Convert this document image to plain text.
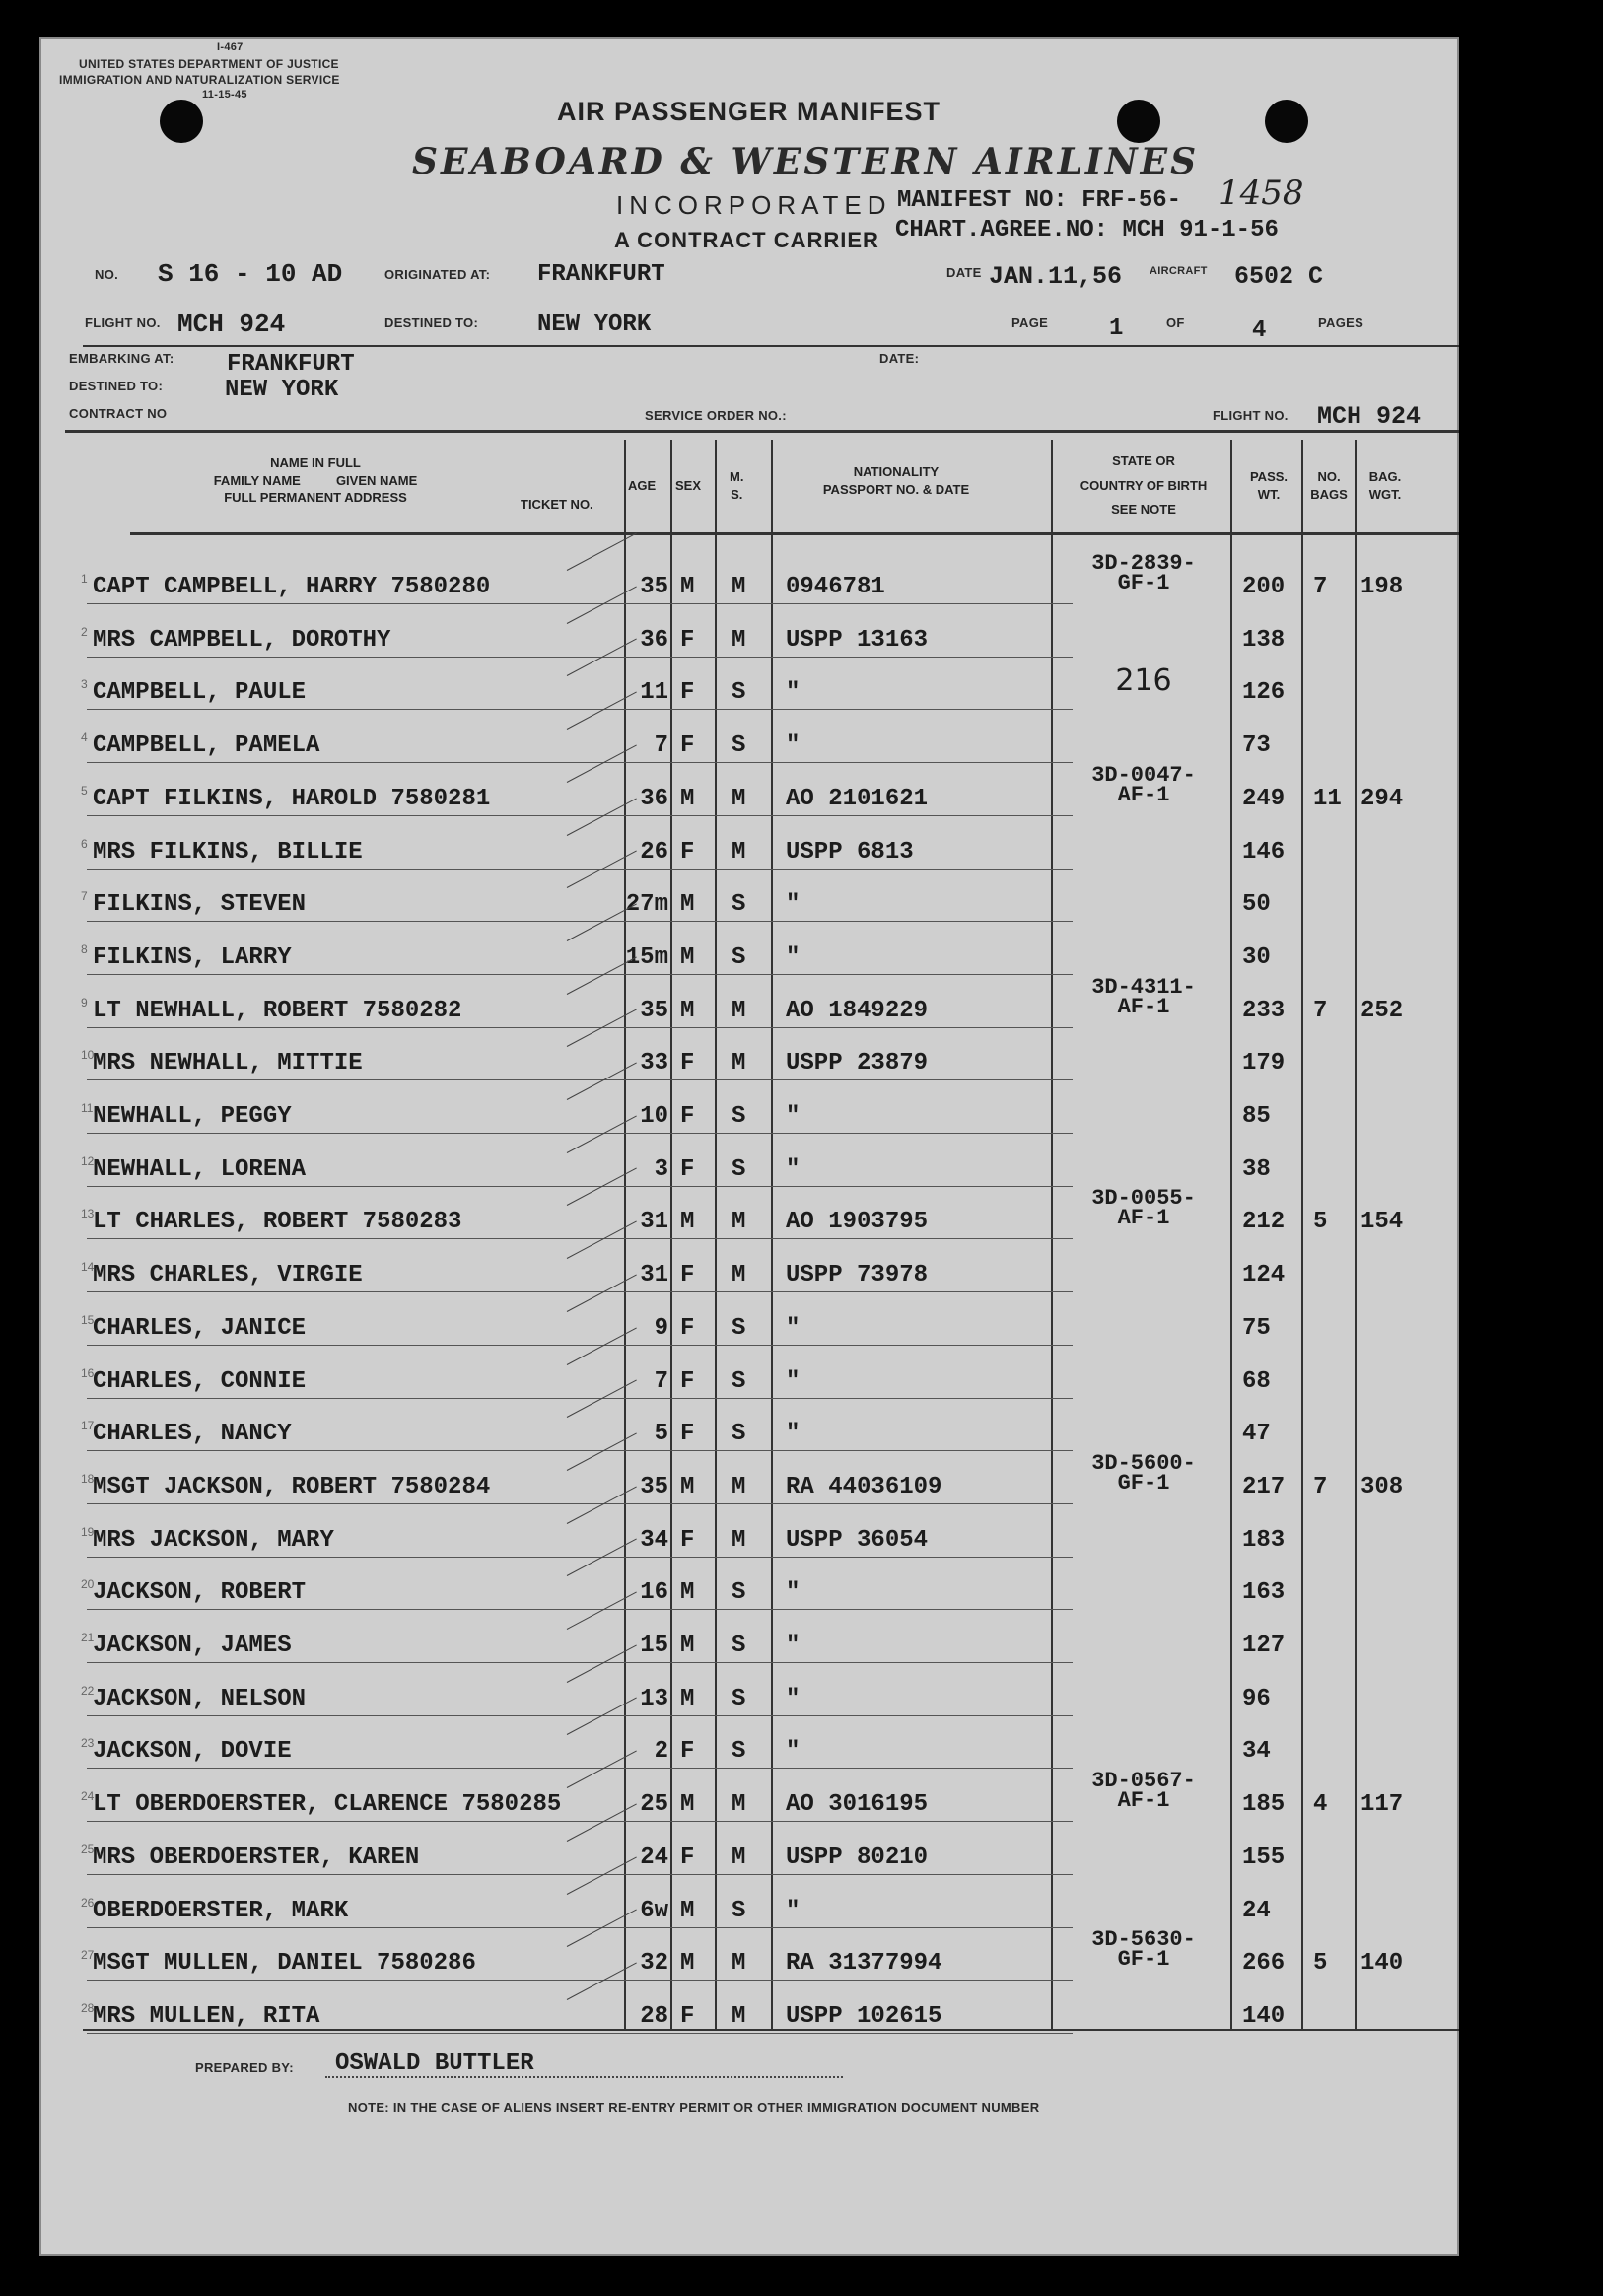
I-467
UNITED STATES DEPARTMENT OF JUSTICE
IMMIGRATION AND NATURALIZATION SERVICE
11-15-45
AIR PASSENGER MANIFEST
SEABOARD & WESTERN AIRLINES
INCORPORATED
A CONTRACT CARRIER
MANIFEST NO: FRF-56- 1458
CHART.AGREE.NO: MCH 91-1-56
NO. S 16 - 10 AD	ORIGINATED AT: FRANKFURT	DATE JAN.11,56	AIRCRAFT 6502 C
FLIGHT NO. MCH 924	DESTINED TO: NEW YORK	PAGE	1	OF	4	PAGES
EMBARKING AT: FRANKFURT	DATE:
DESTINED TO:	NEW YORK
CONTRACT NO	SERVICE ORDER NO.:	FLIGHT NO. MCH 924
NAME IN FULL
FAMILY NAME          GIVEN NAME
FULL PERMANENT ADDRESS	TICKET NO.
AGE SEX
M.
S.
NATIONALITY
PASSPORT NO. & DATE
STATE OR
COUNTRY OF BIRTH
SEE NOTE
PASS.
WT.
NO.
BAGS
BAG.
WGT.
1 CAPT CAMPBELL, HARRY 7580280	35 M M 0946781
3D-2839-
GF-1	200 7 198
2 MRS CAMPBELL, DOROTHY	36 F M USPP 13163	138
3 CAMPBELL, PAULE	11 F S "	216	126
4 CAMPBELL, PAMELA	7 F S "	73
5 CAPT FILKINS, HAROLD 7580281	36 M M AO 2101621
3D-0047-
AF-1	249 11 294
6 MRS FILKINS, BILLIE	26 F M USPP 6813	146
7 FILKINS, STEVEN	27m M S "	50
8 FILKINS, LARRY	15m M S "	30
9 LT NEWHALL, ROBERT 7580282	35 M M AO 1849229
3D-4311-
AF-1	233 7 252
10
MRS NEWHALL, MITTIE	33 F M USPP 23879	179
11 NEWHALL, PEGGY	10 F S "	85
12
NEWHALL, LORENA	3 F S "	38
13
LT CHARLES, ROBERT 7580283	31 M M AO 1903795
3D-0055-
AF-1	212 5 154
14
MRS CHARLES, VIRGIE	31 F M USPP 73978	124
15
CHARLES, JANICE	9 F S "	75
16
CHARLES, CONNIE	7 F S "	68
17
CHARLES, NANCY	5 F S "	47
18
MSGT JACKSON, ROBERT 7580284	35 M M RA 44036109
3D-5600-
GF-1	217 7 308
19
MRS JACKSON, MARY	34 F M USPP 36054	183
20
JACKSON, ROBERT	16 M S "	163
21
JACKSON, JAMES	15 M S "	127
22
JACKSON, NELSON	13 M S "	96
23
JACKSON, DOVIE	2 F S "	34
24
LT OBERDOERSTER, CLARENCE 7580285	25 M M AO 3016195
3D-0567-
AF-1	185 4 117
25
MRS OBERDOERSTER, KAREN	24 F M USPP 80210	155
26
OBERDOERSTER, MARK	6w M S "	24
27
MSGT MULLEN, DANIEL 7580286	32 M M RA 31377994
3D-5630-
GF-1	266 5 140
28
MRS MULLEN, RITA	28 F M USPP 102615	140
PREPARED BY: OSWALD BUTTLER
NOTE: IN THE CASE OF ALIENS INSERT RE-ENTRY PERMIT OR OTHER IMMIGRATION DOCUMENT NUMBER
